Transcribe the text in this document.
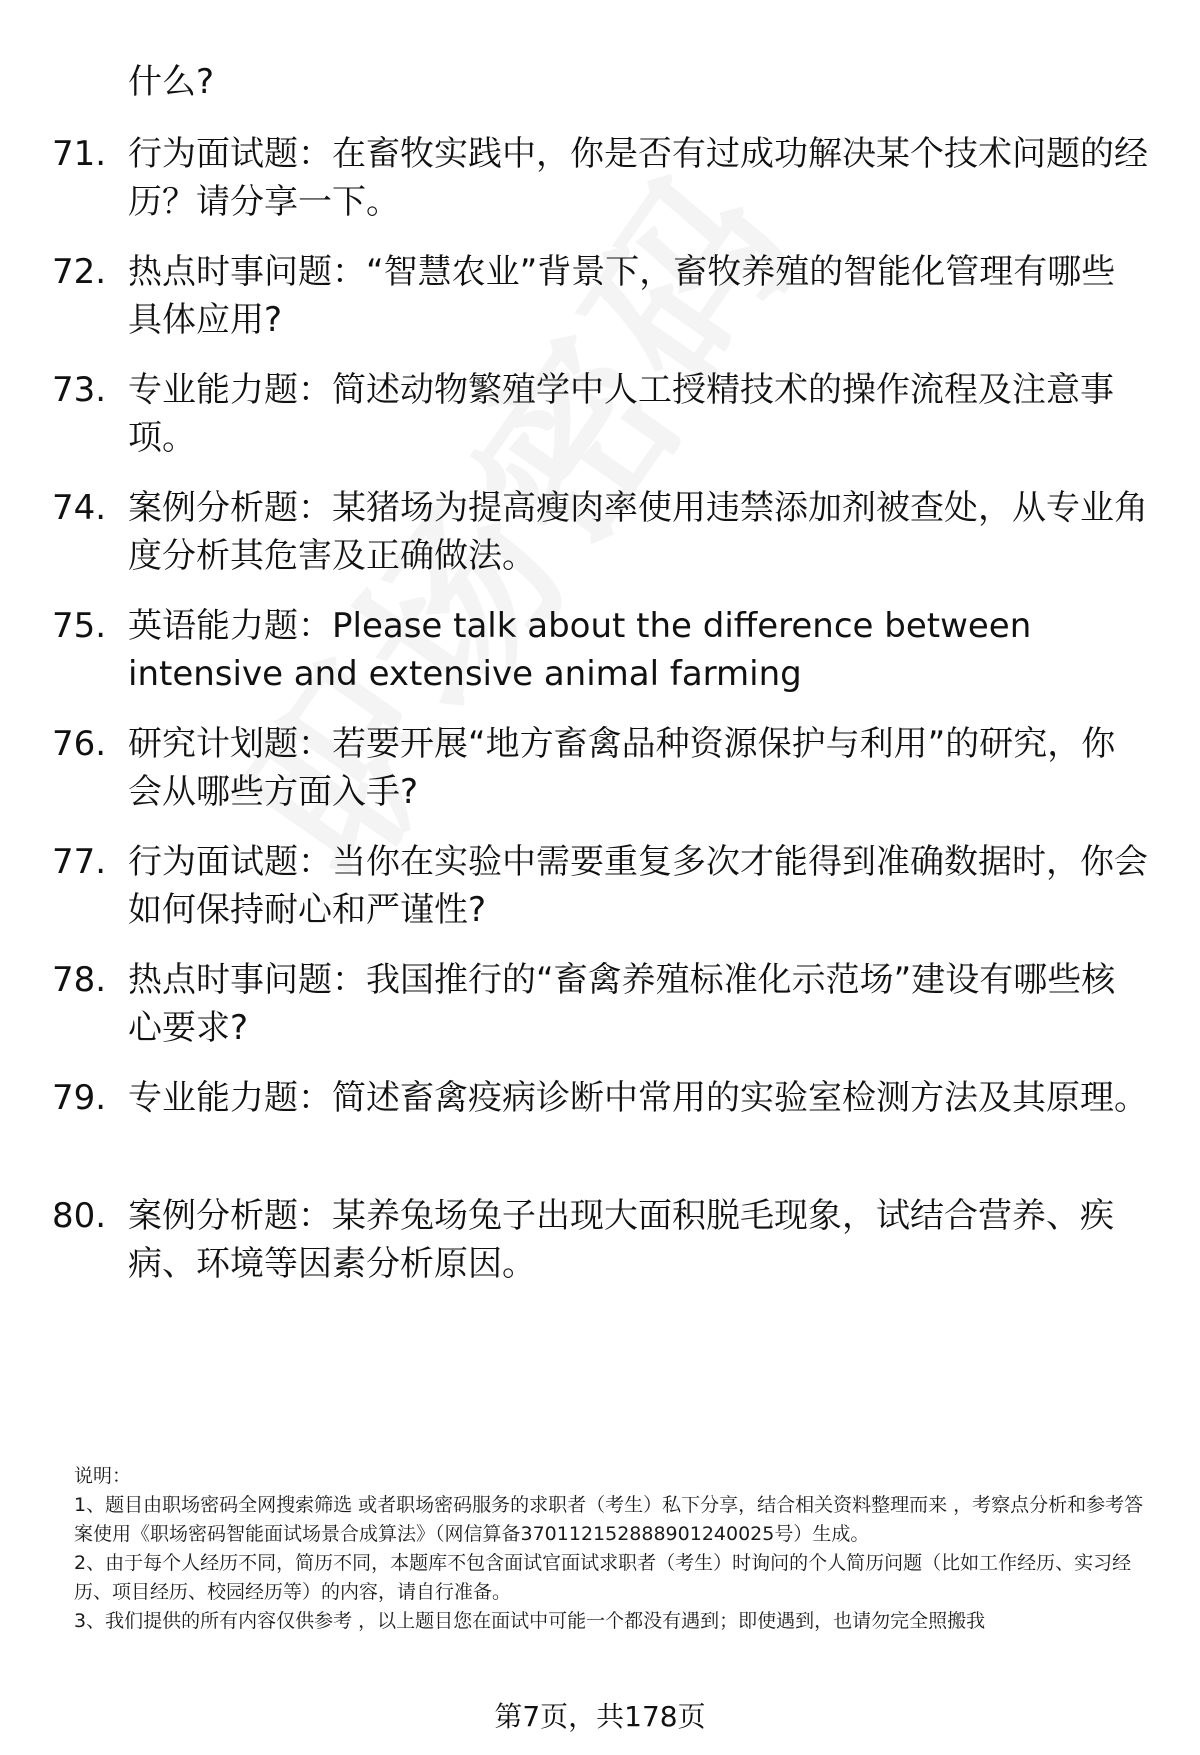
什么?
71. 行为面试题：在畜牧实践中，你是否有过成功解决某个技术问题的经历？请分享一下。
72. 热点时事问题：“智慧农业”背景下，畜牧养殖的智能化管理有哪些具体应用?
73. 专业能力题：简述动物繁殖学中人工授精技术的操作流程及注意事项。
74. 案例分析题：某猪场为提高瘦肉率使用违禁添加剂被查处，从专业角度分析其危害及正确做法。
75. 英语能力题：Please talk about the difference between intensive and extensive animal farming
76. 研究计划题：若要开展“地方畜禽品种资源保护与利用”的研究，你会从哪些方面入手?
77. 行为面试题：当你在实验中需要重复多次才能得到准确数据时，你会如何保持耐心和严谨性?
78. 热点时事问题：我国推行的“畜禽养殖标准化示范场”建设有哪些核心要求?
79. 专业能力题：简述畜禽疫病诊断中常用的实验室检测方法及其原理。
80. 案例分析题：某养兔场兔子出现大面积脱毛现象，试结合营养、疾病、环境等因素分析原因。

说明：

1、题目由职场密码全网搜索筛选 或者职场密码服务的求职者（考生）私下分享，结合相关资料整理而来 ，考察点分析和参考答案使用《职场密码智能面试场景合成算法》（网信算备370112152888901240025号）生成。

2、由于每个人经历不同，简历不同，本题库不包含面试官面试求职者（考生）时询问的个人简历问题（比如工作经历、实习经历、项目经历、校园经历等）的内容，请自行准备。

3、我们提供的所有内容仅供参考 ，以上题目您在面试中可能一个都没有遇到；即使遇到，也请勿完全照搬我

第7页，共178页
